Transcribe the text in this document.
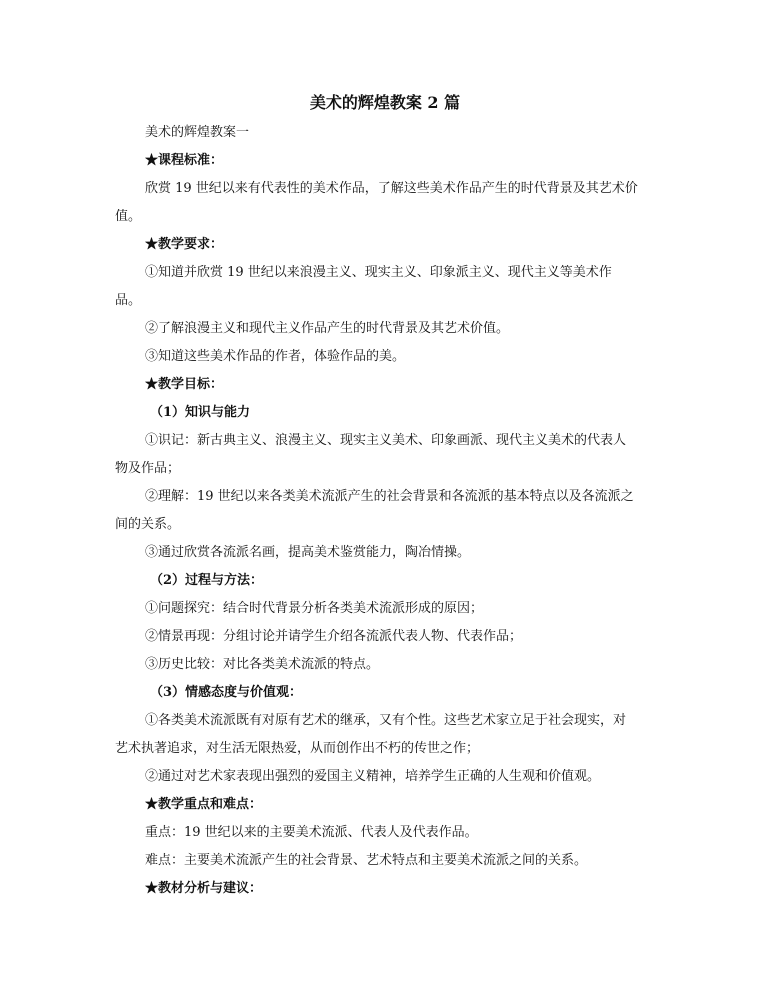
美术的辉煌教案 2 篇
美术的辉煌教案一
★课程标准：
欣赏 19 世纪以来有代表性的美术作品，了解这些美术作品产生的时代背景及其艺术价
值。
★教学要求：
①知道并欣赏 19 世纪以来浪漫主义、现实主义、印象派主义、现代主义等美术作
品。
②了解浪漫主义和现代主义作品产生的时代背景及其艺术价值。
③知道这些美术作品的作者，体验作品的美。
★教学目标：
（1）知识与能力
①识记：新古典主义、浪漫主义、现实主义美术、印象画派、现代主义美术的代表人
物及作品；
②理解：19 世纪以来各类美术流派产生的社会背景和各流派的基本特点以及各流派之
间的关系。
③通过欣赏各流派名画，提高美术鉴赏能力，陶冶情操。
（2）过程与方法：
①问题探究：结合时代背景分析各类美术流派形成的原因；
②情景再现：分组讨论并请学生介绍各流派代表人物、代表作品；
③历史比较：对比各类美术流派的特点。
（3）情感态度与价值观：
①各类美术流派既有对原有艺术的继承，又有个性。这些艺术家立足于社会现实，对
艺术执著追求，对生活无限热爱，从而创作出不朽的传世之作；
②通过对艺术家表现出强烈的爱国主义精神，培养学生正确的人生观和价值观。
★教学重点和难点：
重点：19 世纪以来的主要美术流派、代表人及代表作品。
难点：主要美术流派产生的社会背景、艺术特点和主要美术流派之间的关系。
★教材分析与建议：
